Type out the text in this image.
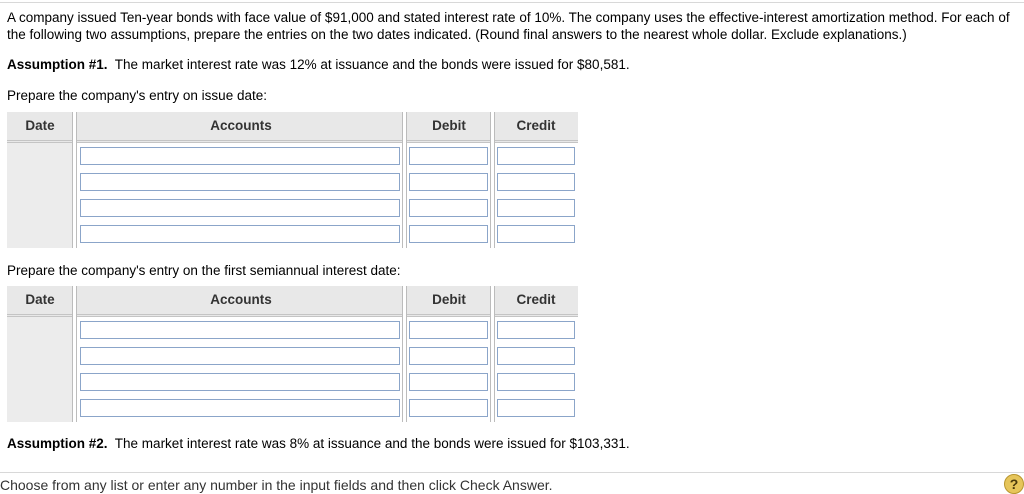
A company issued Ten-year bonds with face value of $91,000 and stated interest rate of 10%. The company uses the effective-interest amortization method. For each of the following two assumptions, prepare the entries on the two dates indicated. (Round final answers to the nearest whole dollar. Exclude explanations.)
Assumption #1. The market interest rate was 12% at issuance and the bonds were issued for $80,581.
Prepare the company's entry on issue date:
Date	Accounts	Debit	Credit
Prepare the company's entry on the first semiannual interest date:
Date	Accounts	Debit	Credit
Assumption #2. The market interest rate was 8% at issuance and the bonds were issued for $103,331.
Choose from any list or enter any number in the input fields and then click Check Answer.	?
